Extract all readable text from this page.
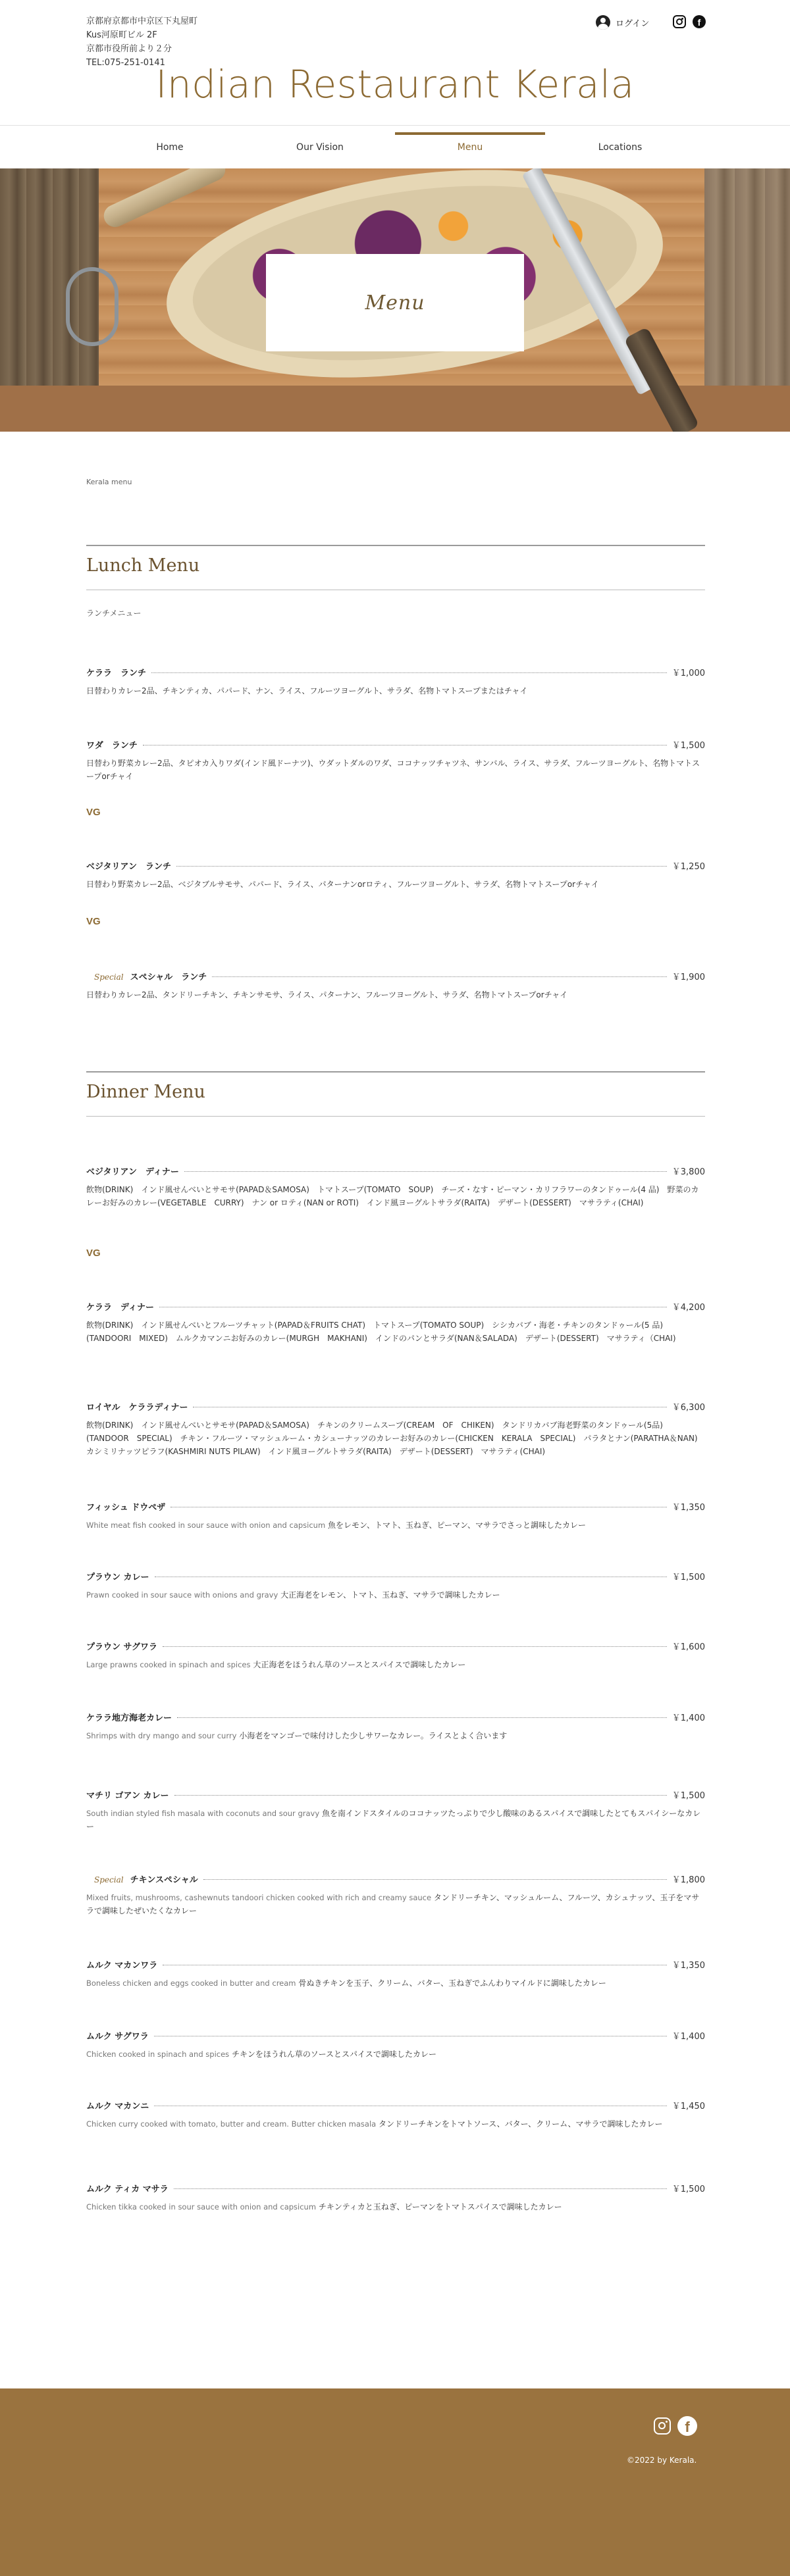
京都府京都市中京区下丸屋町
Kus河原町ビル 2F
京都市役所前より２分
TEL:075-251-0141
ログイン	f
Indian Restaurant Kerala
Home	Our Vision	Menu	Locations
Menu
Kerala menu
Lunch Menu
ランチメニュー
ケララ　ランチ	￥1,000
日替わりカレー2品、チキンティカ、パパード、ナン、ライス、フルーツヨーグルト、サラダ、名物トマトスープまたはチャイ
ワダ　ランチ	￥1,500
日替わり野菜カレー2品、タピオカ入りワダ(インド風ドーナツ)、ウダットダルのワダ、ココナッツチャツネ、サンバル、ライス、サラダ、フルーツヨーグルト、名物トマトスープorチャイ
VG
ベジタリアン　ランチ	￥1,250
日替わり野菜カレー2品、ベジタブルサモサ、パパード、ライス、パターナンorロティ、フルーツヨーグルト、サラダ、名物トマトスープorチャイ
VG
Special スペシャル　ランチ	￥1,900
日替わりカレー2品、タンドリーチキン、チキンサモサ、ライス、パターナン、フルーツヨーグルト、サラダ、名物トマトスープorチャイ
Dinner Menu
ベジタリアン　ディナー	￥3,800
飲物(DRINK)　インド風せんべいとサモサ(PAPAD＆SAMOSA)　トマトスープ(TOMATO　SOUP)　チーズ・なす・ピーマン・カリフラワーのタンドゥール(4 品)　野菜のカレーお好みのカレー(VEGETABLE　CURRY)　ナン or ロティ(NAN or ROTI)　インド風ヨーグルトサラダ(RAITA)　デザート(DESSERT)　マサラティ(CHAI)
VG
ケララ　ディナー	￥4,200
飲物(DRINK)　インド風せんべいとフルーツチャット(PAPAD＆FRUITS CHAT)　トマトスープ(TOMATO SOUP)　シシカバブ・海老・チキンのタンドゥール(5 品)(TANDOORI　MIXED)　ムルクカマンニお好みのカレー(MURGH　MAKHANI)　インドのパンとサラダ(NAN＆SALADA)　デザート(DESSERT)　マサラティ（CHAI)
ロイヤル　ケララディナー	￥6,300
飲物(DRINK)　インド風せんべいとサモサ(PAPAD＆SAMOSA)　チキンのクリームスープ(CREAM　OF　CHIKEN)　タンドリカバブ海老野菜のタンドゥール(5品)(TANDOOR　SPECIAL)　チキン・フルーツ・マッシュルーム・カシューナッツのカレーお好みのカレー(CHICKEN　KERALA　SPECIAL)　パラタとナン(PARATHA＆NAN)　カシミリナッツピラフ(KASHMIRI NUTS PILAW)　インド風ヨーグルトサラダ(RAITA)　デザート(DESSERT)　マサラティ(CHAI)
フィッシュ ドウペザ	￥1,350
White meat fish cooked in sour sauce with onion and capsicum 魚をレモン、トマト、玉ねぎ、ピーマン、マサラでさっと調味したカレー
プラウン カレー	￥1,500
Prawn cooked in sour sauce with onions and gravy 大正海老をレモン、トマト、玉ねぎ、マサラで調味したカレー
プラウン サグワラ	￥1,600
Large prawns cooked in spinach and spices 大正海老をほうれん草のソースとスパイスで調味したカレー
ケララ地方海老カレー	￥1,400
Shrimps with dry mango and sour curry 小海老をマンゴーで味付けした少しサワーなカレー。ライスとよく合います
マチリ ゴアン カレー	￥1,500
South indian styled fish masala with coconuts and sour gravy 魚を南インドスタイルのココナッツたっぷりで少し酸味のあるスパイスで調味したとてもスパイシーなカレー
Special チキンスペシャル	￥1,800
Mixed fruits, mushrooms, cashewnuts tandoori chicken cooked with rich and creamy sauce タンドリーチキン、マッシュルーム、フルーツ、カシュナッツ、玉子をマサラで調味したぜいたくなカレー
ムルク マカンワラ	￥1,350
Boneless chicken and eggs cooked in butter and cream 骨ぬきチキンを玉子、クリーム、バター、玉ねぎでふんわりマイルドに調味したカレー
ムルク サグワラ	￥1,400
Chicken cooked in spinach and spices チキンをほうれん草のソースとスパイスで調味したカレー
ムルク マカンニ	￥1,450
Chicken curry cooked with tomato, butter and cream. Butter chicken masala タンドリーチキンをトマトソース、バター、クリーム、マサラで調味したカレー
ムルク ティカ マサラ	￥1,500
Chicken tikka cooked in sour sauce with onion and capsicum チキンティカと玉ねぎ、ピーマンをトマトスパイスで調味したカレー
f
©2022 by Kerala.
